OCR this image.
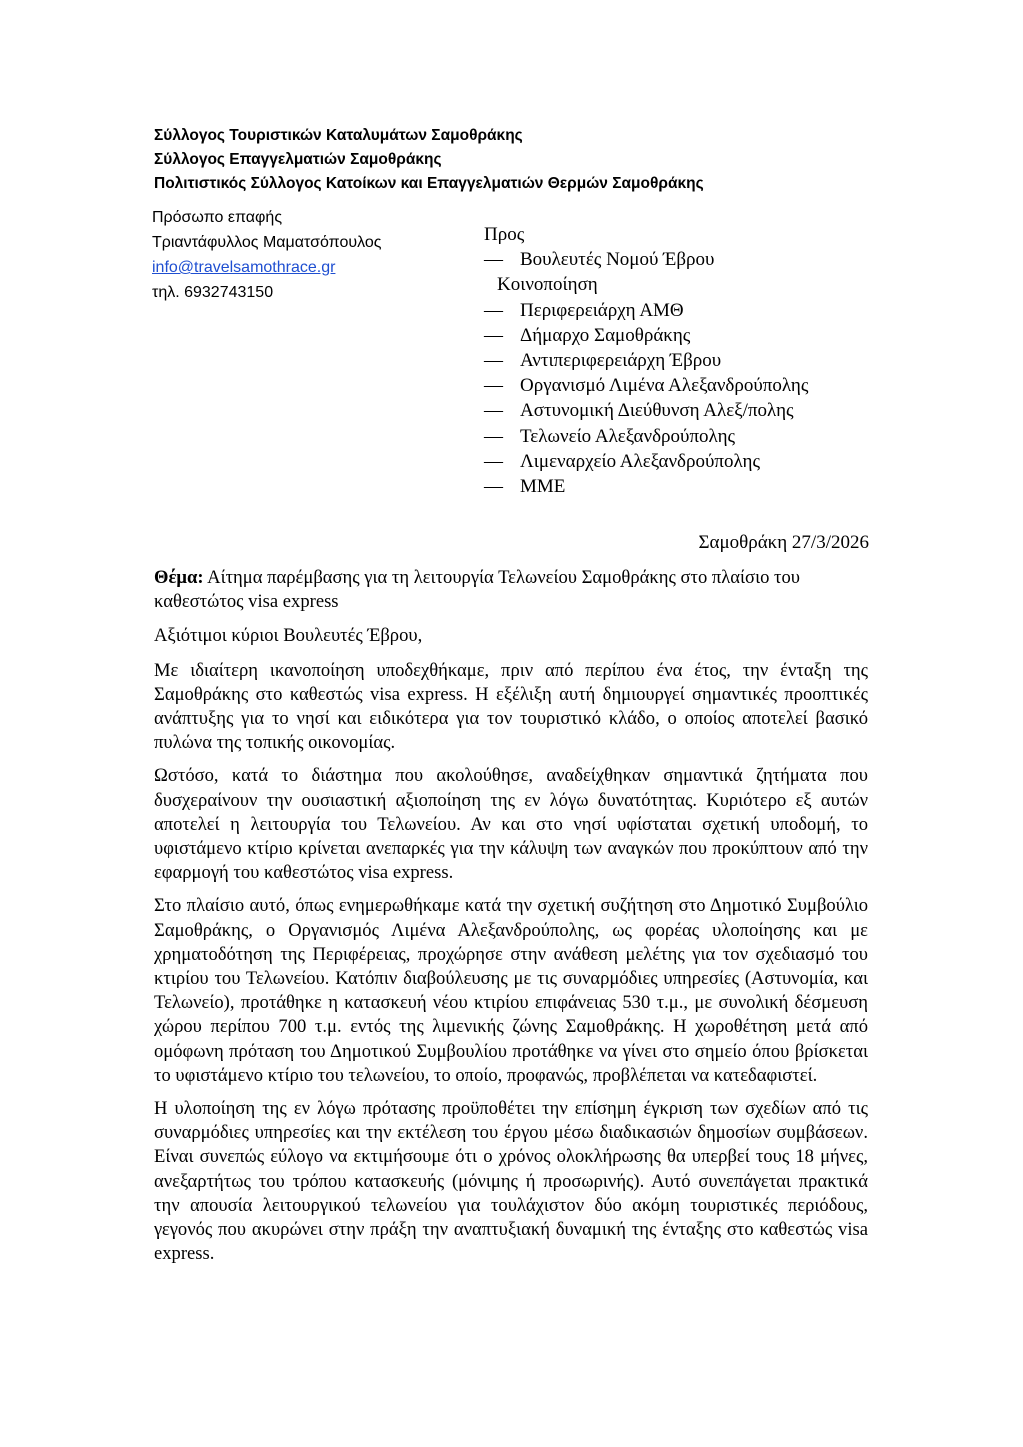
Σύλλογος Τουριστικών Καταλυμάτων Σαμοθράκης
Σύλλογος Επαγγελματιών Σαμοθράκης
Πολιτιστικός Σύλλογος Κατοίκων και Επαγγελματιών Θερμών Σαμοθράκης
Πρόσωπο επαφής
Τριαντάφυλλος Μαματσόπουλος
info@travelsamothrace.gr
τηλ. 6932743150
Προς
— Βουλευτές Νομού Έβρου
Κοινοποίηση
— Περιφερειάρχη ΑΜΘ
— Δήμαρχο Σαμοθράκης
— Αντιπεριφερειάρχη Έβρου
— Οργανισμό Λιμένα Αλεξανδρούπολης
— Αστυνομική Διεύθυνση Αλεξ/πολης
— Τελωνείο Αλεξανδρούπολης
— Λιμεναρχείο Αλεξανδρούπολης
— ΜΜΕ
Σαμοθράκη 27/3/2026

Θέμα: Αίτημα παρέμβασης για τη λειτουργία Τελωνείου Σαμοθράκης στο πλαίσιο του καθεστώτος visa express

Αξιότιμοι κύριοι Βουλευτές Έβρου,

Με ιδιαίτερη ικανοποίηση υποδεχθήκαμε, πριν από περίπου ένα έτος, την ένταξη της Σαμοθράκης στο καθεστώς visa express. Η εξέλιξη αυτή δημιουργεί σημαντικές προοπτικές ανάπτυξης για το νησί και ειδικότερα για τον τουριστικό κλάδο, ο οποίος αποτελεί βασικό πυλώνα της τοπικής οικονομίας.

Ωστόσο, κατά το διάστημα που ακολούθησε, αναδείχθηκαν σημαντικά ζητήματα που δυσχεραίνουν την ουσιαστική αξιοποίηση της εν λόγω δυνατότητας. Κυριότερο εξ αυτών αποτελεί η λειτουργία του Τελωνείου. Αν και στο νησί υφίσταται σχετική υποδομή, το υφιστάμενο κτίριο κρίνεται ανεπαρκές για την κάλυψη των αναγκών που προκύπτουν από την εφαρμογή του καθεστώτος visa express.

Στο πλαίσιο αυτό, όπως ενημερωθήκαμε κατά την σχετική συζήτηση στο Δημοτικό Συμβούλιο Σαμοθράκης, ο Οργανισμός Λιμένα Αλεξανδρούπολης, ως φορέας υλοποίησης και με χρηματοδότηση της Περιφέρειας, προχώρησε στην ανάθεση μελέτης για τον σχεδιασμό του κτιρίου του Τελωνείου. Κατόπιν διαβούλευσης με τις συναρμόδιες υπηρεσίες (Αστυνομία, και Τελωνείο), προτάθηκε η κατασκευή νέου κτιρίου επιφάνειας 530 τ.μ., με συνολική δέσμευση χώρου περίπου 700 τ.μ. εντός της λιμενικής ζώνης Σαμοθράκης. Η χωροθέτηση μετά από ομόφωνη πρόταση του Δημοτικού Συμβουλίου προτάθηκε να γίνει στο σημείο όπου βρίσκεται το υφιστάμενο κτίριο του τελωνείου, το οποίο, προφανώς, προβλέπεται να κατεδαφιστεί.

Η υλοποίηση της εν λόγω πρότασης προϋποθέτει την επίσημη έγκριση των σχεδίων από τις συναρμόδιες υπηρεσίες και την εκτέλεση του έργου μέσω διαδικασιών δημοσίων συμβάσεων. Είναι συνεπώς εύλογο να εκτιμήσουμε ότι ο χρόνος ολοκλήρωσης θα υπερβεί τους 18 μήνες, ανεξαρτήτως του τρόπου κατασκευής (μόνιμης ή προσωρινής). Αυτό συνεπάγεται πρακτικά την απουσία λειτουργικού τελωνείου για τουλάχιστον δύο ακόμη τουριστικές περιόδους, γεγονός που ακυρώνει στην πράξη την αναπτυξιακή δυναμική της ένταξης στο καθεστώς visa express.
